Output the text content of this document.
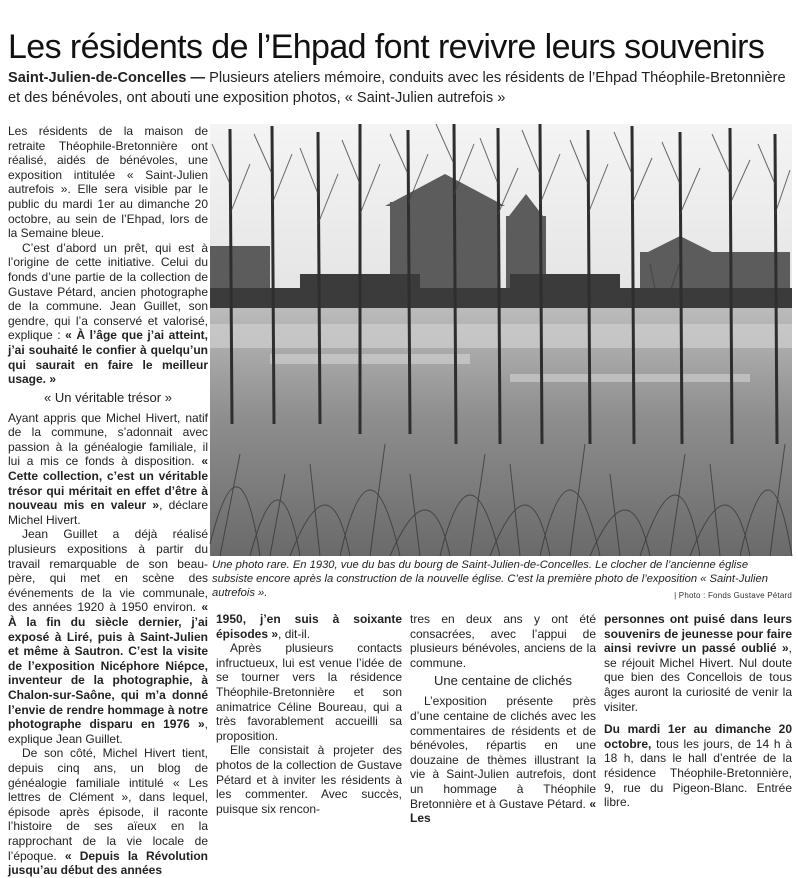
Les résidents de l’Ehpad font revivre leurs souvenirs
Saint-Julien-de-Concelles — Plusieurs ateliers mémoire, conduits avec les résidents de l’Ehpad Théophile-Bretonnière et des bénévoles, ont abouti une exposition photos, « Saint-Julien autrefois »

Les résidents de la maison de retraite Théophile-Bretonnière ont réalisé, aidés de bénévoles, une exposition intitulée « Saint-Julien autrefois ». Elle sera visible par le public du mardi 1er au dimanche 20 octobre, au sein de l’Ehpad, lors de la Semaine bleue.

C’est d’abord un prêt, qui est à l’origine de cette initiative. Celui du fonds d’une partie de la collection de Gustave Pétard, ancien photographe de la commune. Jean Guillet, son gendre, qui l’a conservé et valorisé, explique : « À l’âge que j’ai atteint, j’ai souhaité le confier à quelqu’un qui saurait en faire le meilleur usage. »

« Un véritable trésor »

Ayant appris que Michel Hivert, natif de la commune, s’adonnait avec passion à la généalogie familiale, il lui a mis ce fonds à disposition. « Cette collection, c’est un véritable trésor qui méritait en effet d’être à nouveau mis en valeur », déclare Michel Hivert.

Jean Guillet a déjà réalisé plusieurs expositions à partir du travail remarquable de son beau-père, qui met en scène des événements de la vie communale, des années 1920 à 1950 environ. « À la fin du siècle dernier, j’ai exposé à Liré, puis à Saint-Julien et même à Sautron. C’est la visite de l’exposition Nicéphore Niépce, inventeur de la photographie, à Chalon-sur-Saône, qui m’a donné l’envie de rendre hommage à notre photographe disparu en 1976 », explique Jean Guillet.

De son côté, Michel Hivert tient, depuis cinq ans, un blog de généalogie familiale intitulé « Les lettres de Clément », dans lequel, épisode après épisode, il raconte l’histoire de ses aïeux en la rapprochant de la vie locale de l’époque. « Depuis la Révolution jusqu’au début des années

Une photo rare. En 1930, vue du bas du bourg de Saint-Julien-de-Concelles. Le clocher de l’ancienne église subsiste encore après la construction de la nouvelle église. C’est la première photo de l’exposition « Saint-Julien autrefois ».	| Photo : Fonds Gustave Pétard

1950, j’en suis à soixante épisodes », dit-il.

Après plusieurs contacts infructueux, lui est venue l’idée de se tourner vers la résidence Théophile-Bretonnière et son animatrice Céline Boureau, qui a très favorablement accueilli sa proposition.

Elle consistait à projeter des photos de la collection de Gustave Pétard et à inviter les résidents à les commenter. Avec succès, puisque six rencon-

tres en deux ans y ont été consacrées, avec l’appui de plusieurs bénévoles, anciens de la commune.

Une centaine de clichés

L’exposition présente près d’une centaine de clichés avec les commentaires de résidents et de bénévoles, répartis en une douzaine de thèmes illustrant la vie à Saint-Julien autrefois, dont un hommage à Théophile Bretonnière et à Gustave Pétard. « Les

personnes ont puisé dans leurs souvenirs de jeunesse pour faire ainsi revivre un passé oublié », se réjouit Michel Hivert. Nul doute que bien des Concellois de tous âges auront la curiosité de venir la visiter.

Du mardi 1er au dimanche 20 octobre, tous les jours, de 14 h à 18 h, dans le hall d’entrée de la résidence Théophile-Bretonnière, 9, rue du Pigeon-Blanc. Entrée libre.
